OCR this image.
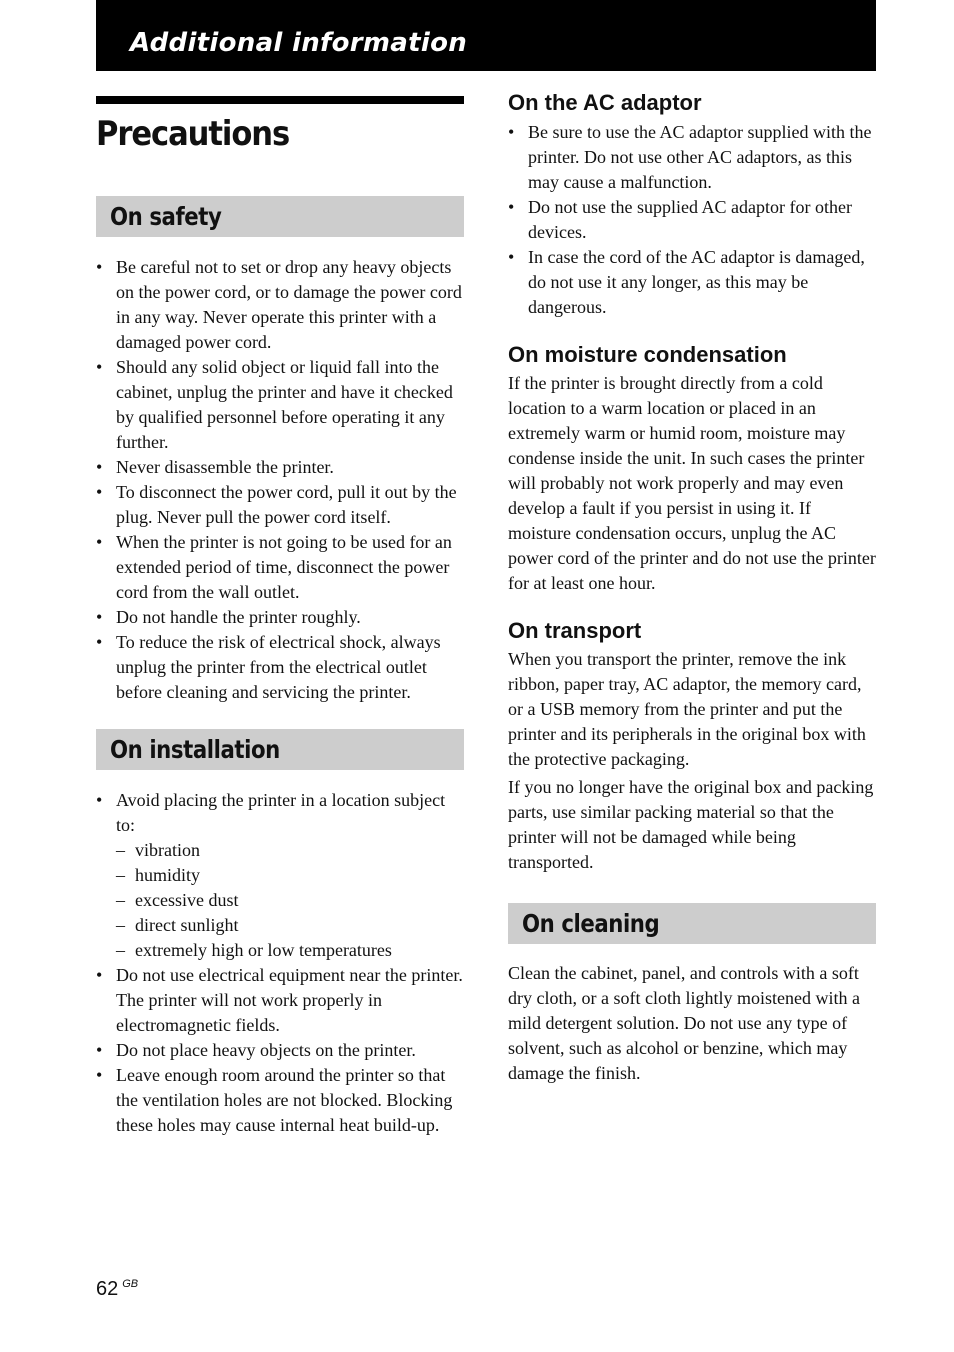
Additional information
Precautions
On safety
• Be careful not to set or drop any heavy objects on the power cord, or to damage the power cord in any way. Never operate this printer with a damaged power cord.
• Should any solid object or liquid fall into the cabinet, unplug the printer and have it checked by qualified personnel before operating it any further.
• Never disassemble the printer.
• To disconnect the power cord, pull it out by the plug. Never pull the power cord itself.
• When the printer is not going to be used for an extended period of time, disconnect the power cord from the wall outlet.
• Do not handle the printer roughly.
• To reduce the risk of electrical shock, always unplug the printer from the electrical outlet before cleaning and servicing the printer.
On installation
• Avoid placing the printer in a location subject to:
– vibration
– humidity
– excessive dust
– direct sunlight
– extremely high or low temperatures
• Do not use electrical equipment near the printer. The printer will not work properly in electromagnetic fields.
• Do not place heavy objects on the printer.
• Leave enough room around the printer so that the ventilation holes are not blocked. Blocking these holes may cause internal heat build-up.
On the AC adaptor
• Be sure to use the AC adaptor supplied with the printer. Do not use other AC adaptors, as this may cause a malfunction.
• Do not use the supplied AC adaptor for other devices.
• In case the cord of the AC adaptor is damaged, do not use it any longer, as this may be dangerous.
On moisture condensation

If the printer is brought directly from a cold location to a warm location or placed in an extremely warm or humid room, moisture may condense inside the unit. In such cases the printer will probably not work properly and may even develop a fault if you persist in using it. If moisture condensation occurs, unplug the AC power cord of the printer and do not use the printer for at least one hour.

On transport

When you transport the printer, remove the ink ribbon, paper tray, AC adaptor, the memory card, or a USB memory from the printer and put the printer and its peripherals in the original box with the protective packaging.

If you no longer have the original box and packing parts, use similar packing material so that the printer will not be damaged while being transported.

On cleaning

Clean the cabinet, panel, and controls with a soft dry cloth, or a soft cloth lightly moistened with a mild detergent solution. Do not use any type of solvent, such as alcohol or benzine, which may damage the finish.

62 $^{GB}$
